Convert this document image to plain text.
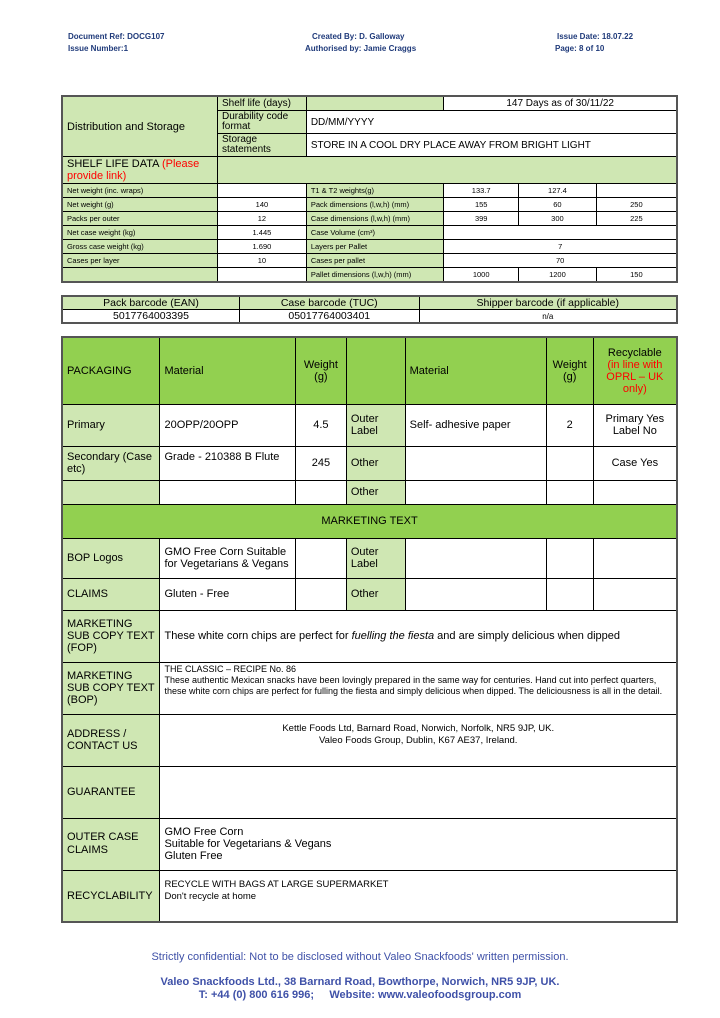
Document Ref: DOCG107
Issue Number:1
Created By: D. Galloway
Authorised by: Jamie Craggs
Issue Date: 18.07.22
Page: 8 of 10
Distribution and Storage	Shelf life (days)		147 Days as of 30/11/22		
	Durability code format	DD/MM/YYYY			
	Storage statements	STORE IN A COOL DRY PLACE AWAY FROM BRIGHT LIGHT			
SHELF LIFE DATA (Please provide link)					
Net weight (inc. wraps)		T1 & T2 weights(g)	133.7	127.4	
Net weight (g)	140	Pack dimensions (l,w,h) (mm)	155	60	250
Packs per outer	12	Case dimensions (l,w,h) (mm)	399	300	225
Net case weight (kg)	1.445	Case Volume (cm³)			
Gross case weight (kg)	1.690	Layers per Pallet	7		
Cases per layer	10	Cases per pallet	70		
		Pallet dimensions (l,w,h) (mm)	1000	1200	150
Pack barcode (EAN)	Case barcode (TUC)	Shipper barcode (if applicable)
5017764003395	05017764003401	n/a
PACKAGING	Material	Weight (g)		Material	Weight (g)	Recyclable
(in line with OPRL – UK only)
Primary	20OPP/20OPP	4.5	Outer Label	Self- adhesive paper	2	Primary Yes Label No
Secondary (Case etc)	Grade - 210388 B Flute	245	Other			Case Yes
			Other			
MARKETING TEXT						
BOP Logos	GMO Free Corn Suitable for Vegetarians & Vegans		Outer Label			
CLAIMS	Gluten - Free		Other			
MARKETING SUB COPY TEXT (FOP)	These white corn chips are perfect for fuelling the fiesta and are simply delicious when dipped					
MARKETING SUB COPY TEXT (BOP)	THE CLASSIC – RECIPE No. 86
These authentic Mexican snacks have been lovingly prepared in the same way for centuries. Hand cut into perfect quarters, these white corn chips are perfect for fulling the fiesta and simply delicious when dipped. The deliciousness is all in the detail.					

ADDRESS / CONTACT US	Kettle Foods Ltd, Barnard Road, Norwich, Norfolk, NR5 9JP, UK.
Valeo Foods Group, Dublin, K67 AE37, Ireland.					

GUARANTEE						
OUTER CASE CLAIMS	GMO Free Corn
Suitable for Vegetarians & Vegans
Gluten Free					

RECYCLABILITY	RECYCLE WITH BAGS AT LARGE SUPERMARKET
Don't recycle at home					
Strictly confidential: Not to be disclosed without Valeo Snackfoods' written permission.
Valeo Snackfoods Ltd., 38 Barnard Road, Bowthorpe, Norwich, NR5 9JP, UK.
T: +44 (0) 800 616 996;     Website: www.valeofoodsgroup.com
